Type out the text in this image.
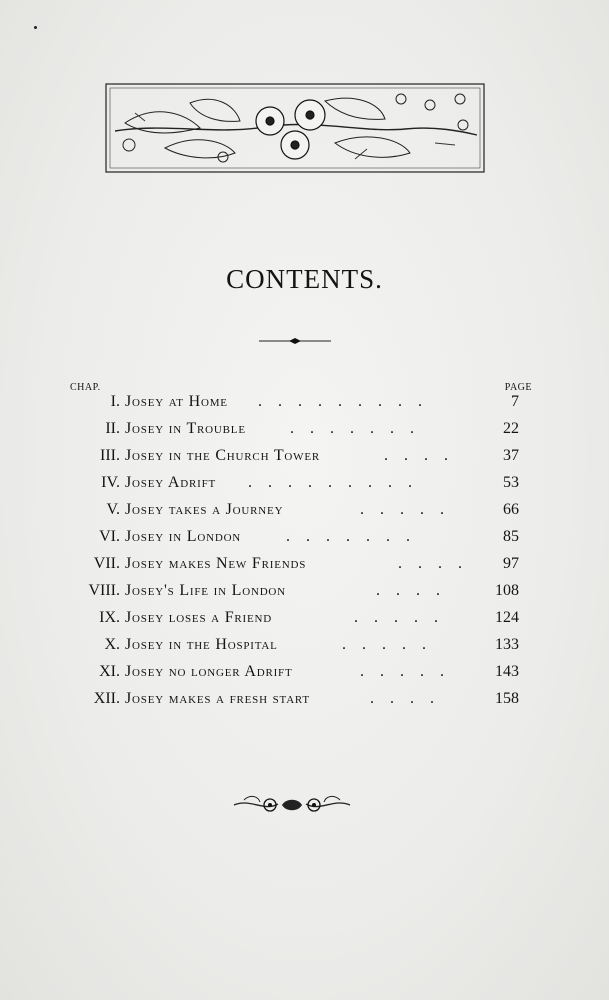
CONTENTS.
CHAP.	PAGE
I. Josey at Home .    .    .    .    .    .    .    .    .	7
II. Josey in Trouble	.    .    .    .    .    .    .	22
III. Josey in the Church Tower	.    .    .    .	37
IV. Josey Adrift .    .    .    .    .    .    .    .    .	53
V. Josey takes a Journey	.    .    .    .    .	66
VI. Josey in London	.    .    .    .    .    .    .	85
VII. Josey makes New Friends	.    .    .    .	97
VIII. Josey's Life in London	.    .    .    .	108
IX. Josey loses a Friend	.    .    .    .    .	124
X. Josey in the Hospital	.    .    .    .    .	133
XI. Josey no longer Adrift	.    .    .    .    .	143
XII. Josey makes a fresh start	.    .    .    .	158
